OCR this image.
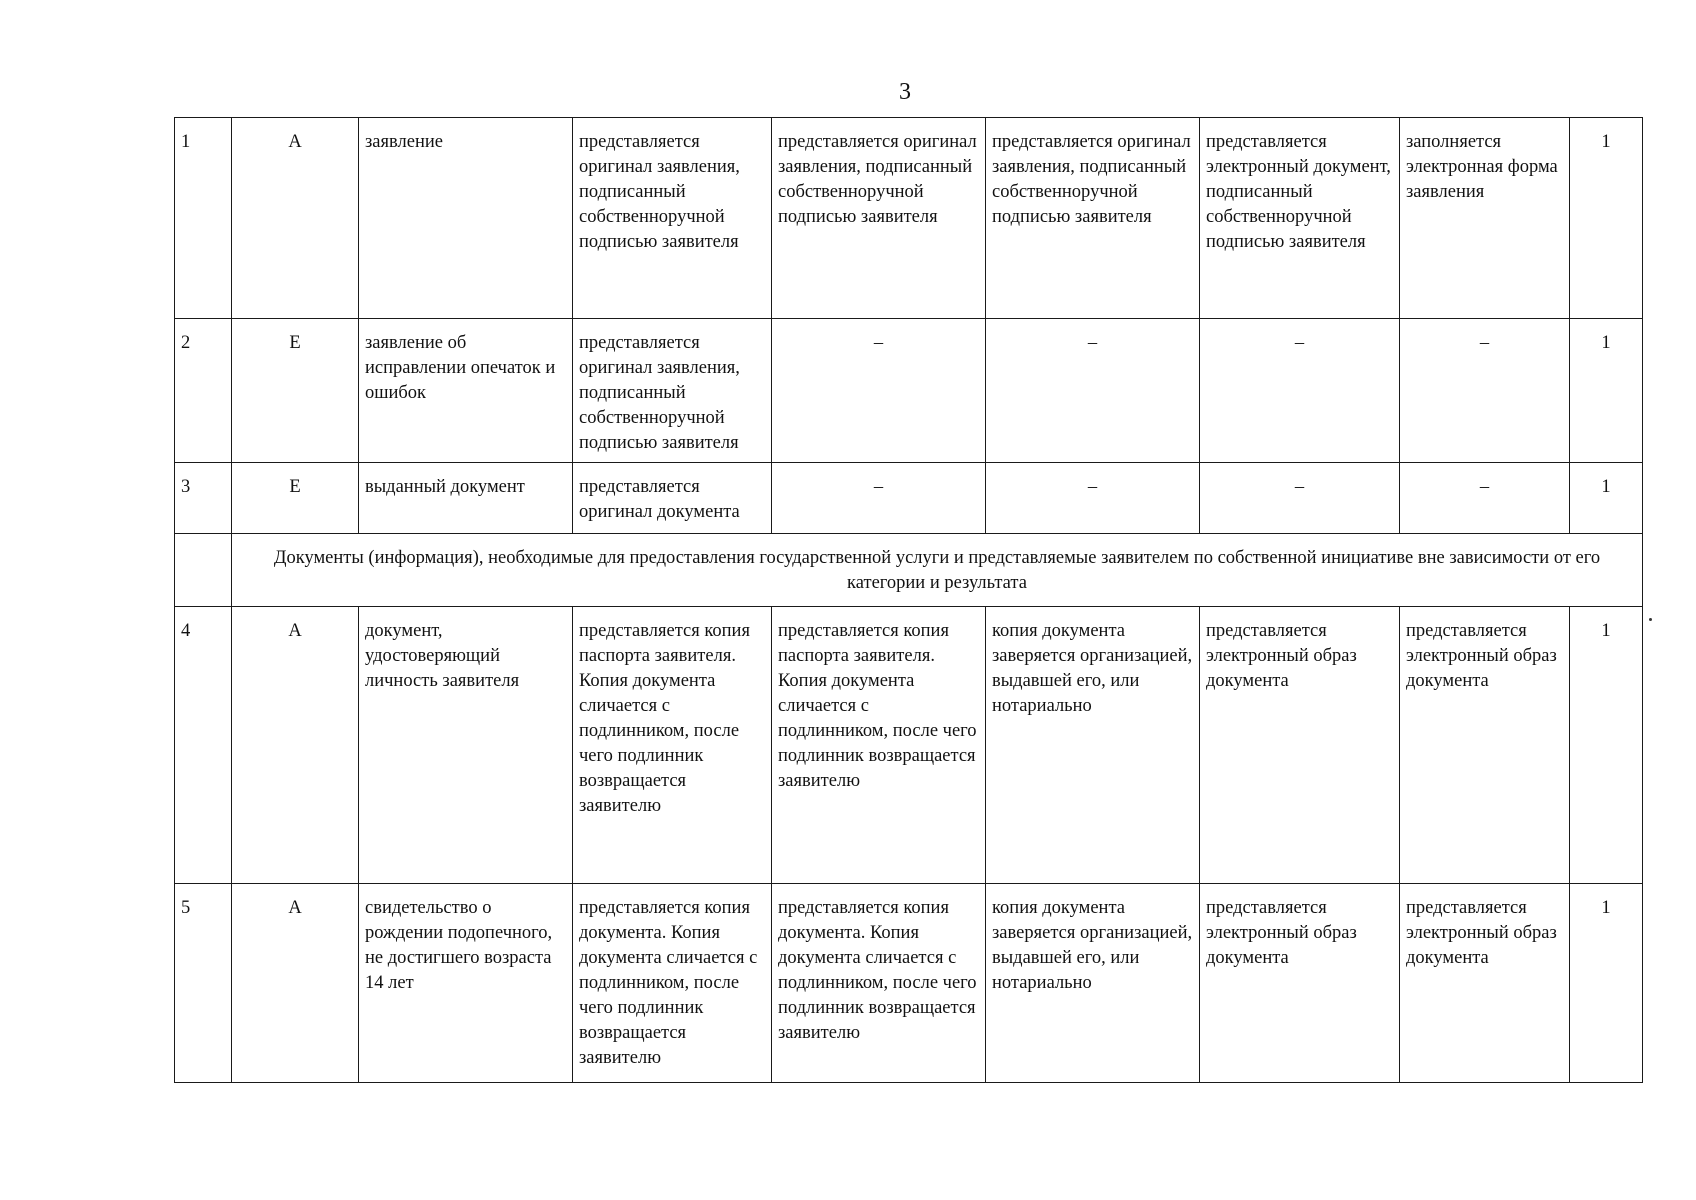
3
1	А	заявление	представляется оригинал заявления, подписанный собственноручной подписью заявителя	представляется оригинал заявления, подписанный собственноручной подписью заявителя	представляется оригинал заявления, подписанный собственноручной подписью заявителя	представляется электронный документ, подписанный собственноручной подписью заявителя	заполняется электронная форма заявления	1
2	Е	заявление об исправлении опечаток и ошибок	представляется оригинал заявления, подписанный собственноручной подписью заявителя	–	–	–	–	1
3	Е	выданный документ	представляется оригинал документа	–	–	–	–	1
	Документы (информация), необходимые для предоставления государственной услуги и представляемые заявителем по собственной инициативе вне зависимости от его категории и результата							
4	А	документ, удостоверяющий личность заявителя	представляется копия паспорта заявителя. Копия документа сличается с подлинником, после чего подлинник возвращается заявителю	представляется копия паспорта заявителя. Копия документа сличается с подлинником, после чего подлинник возвращается заявителю	копия документа заверяется организацией, выдавшей его, или нотариально	представляется электронный образ документа	представляется электронный образ документа	1
5	А	свидетельство о рождении подопечного, не достигшего возраста 14 лет	представляется копия документа. Копия документа сличается с подлинником, после чего подлинник возвращается заявителю	представляется копия документа. Копия документа сличается с подлинником, после чего подлинник возвращается заявителю	копия документа заверяется организацией, выдавшей его, или нотариально	представляется электронный образ документа	представляется электронный образ документа	1
